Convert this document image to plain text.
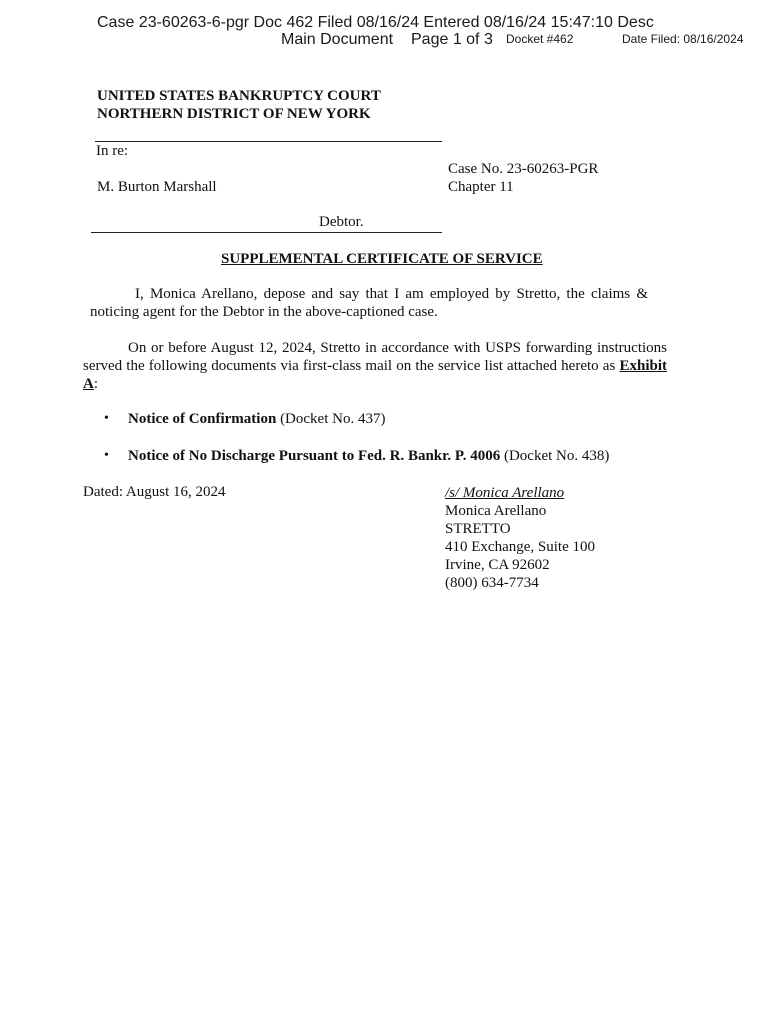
Case 23-60263-6-pgr Doc 462 Filed 08/16/24 Entered 08/16/24 15:47:10 Desc
Main Document Page 1 of 3 Docket #462	Date Filed: 08/16/2024
UNITED STATES BANKRUPTCY COURT
NORTHERN DISTRICT OF NEW YORK
In re:
Case No. 23-60263-PGR
Chapter 11
M. Burton Marshall
Debtor.
SUPPLEMENTAL CERTIFICATE OF SERVICE
I, Monica Arellano, depose and say that I am employed by Stretto, the claims & noticing agent for the Debtor in the above-captioned case.
On or before August 12, 2024, Stretto in accordance with USPS forwarding instructions served the following documents via first-class mail on the service list attached hereto as Exhibit A:
• Notice of Confirmation (Docket No. 437)
• Notice of No Discharge Pursuant to Fed. R. Bankr. P. 4006 (Docket No. 438)
Dated: August 16, 2024	/s/ Monica Arellano
Monica Arellano
STRETTO
410 Exchange, Suite 100
Irvine, CA 92602
(800) 634-7734
